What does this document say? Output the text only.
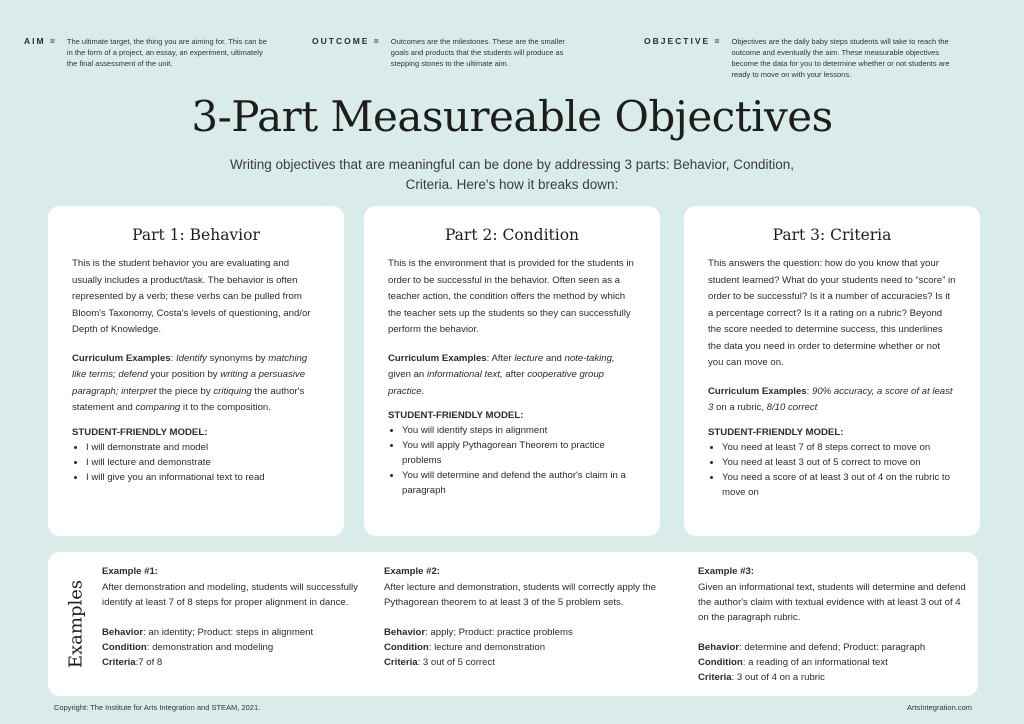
AIM =	The ultimate target, the thing you are aiming for. This can be in the form of a project, an essay, an experiment, ultimately the final assessment of the unit.
OUTCOME =	Outcomes are the milestones. These are the smaller goals and products that the students will produce as stepping stones to the ultimate aim.
OBJECTIVE =	Objectives are the daily baby steps students will take to reach the outcome and eventually the aim. These measurable objectives become the data for you to determine whether or not students are ready to move on with your lessons.
3-Part Measureable Objectives
Writing objectives that are meaningful can be done by addressing 3 parts: Behavior, Condition, Criteria. Here's how it breaks down:
Part 1: Behavior

This is the student behavior you are evaluating and usually includes a product/task. The behavior is often represented by a verb; these verbs can be pulled from Bloom's Taxonomy, Costa's levels of questioning, and/or Depth of Knowledge.

Curriculum Examples: Identify synonyms by matching like terms; defend your position by writing a persuasive paragraph; interpret the piece by critiquing the author's statement and comparing it to the composition.

STUDENT-FRIENDLY MODEL:
• I will demonstrate and model
• I will lecture and demonstrate
• I will give you an informational text to read
Part 2: Condition

This is the environment that is provided for the students in order to be successful in the behavior. Often seen as a teacher action, the condition offers the method by which the teacher sets up the students so they can successfully perform the behavior.

Curriculum Examples: After lecture and note-taking, given an informational text, after cooperative group practice.

STUDENT-FRIENDLY MODEL:
• You will identify steps in alignment
• You will apply Pythagorean Theorem to practice problems
• You will determine and defend the author's claim in a paragraph
Part 3: Criteria

This answers the question: how do you know that your student learned? What do your students need to “score” in order to be successful? Is it a number of accuracies? Is it a percentage correct? Is it a rating on a rubric? Beyond the score needed to determine success, this underlines the data you need in order to determine whether or not you can move on.

Curriculum Examples: 90% accuracy, a score of at least 3 on a rubric, 8/10 correct

STUDENT-FRIENDLY MODEL:
• You need at least 7 of 8 steps correct to move on
• You need at least 3 out of 5 correct to move on
• You need a score of at least 3 out of 4 on the rubric to move on
Examples
Example #1:
After demonstration and modeling, students will successfully identify at least 7 of 8 steps for proper alignment in dance.
Behavior: an identity; Product: steps in alignment
Condition: demonstration and modeling
Criteria:7 of 8
Example #2:
After lecture and demonstration, students will correctly apply the Pythagorean theorem to at least 3 of the 5 problem sets.
Behavior: apply; Product: practice problems
Condition: lecture and demonstration
Criteria: 3 out of 5 correct
Example #3:
Given an informational text, students will determine and defend the author's claim with textual evidence with at least 3 out of 4 on the paragraph rubric.
Behavior: determine and defend; Product: paragraph
Condition: a reading of an informational text
Criteria: 3 out of 4 on a rubric
Copyright: The Institute for Arts Integration and STEAM, 2021.	ArtsIntegration.com
